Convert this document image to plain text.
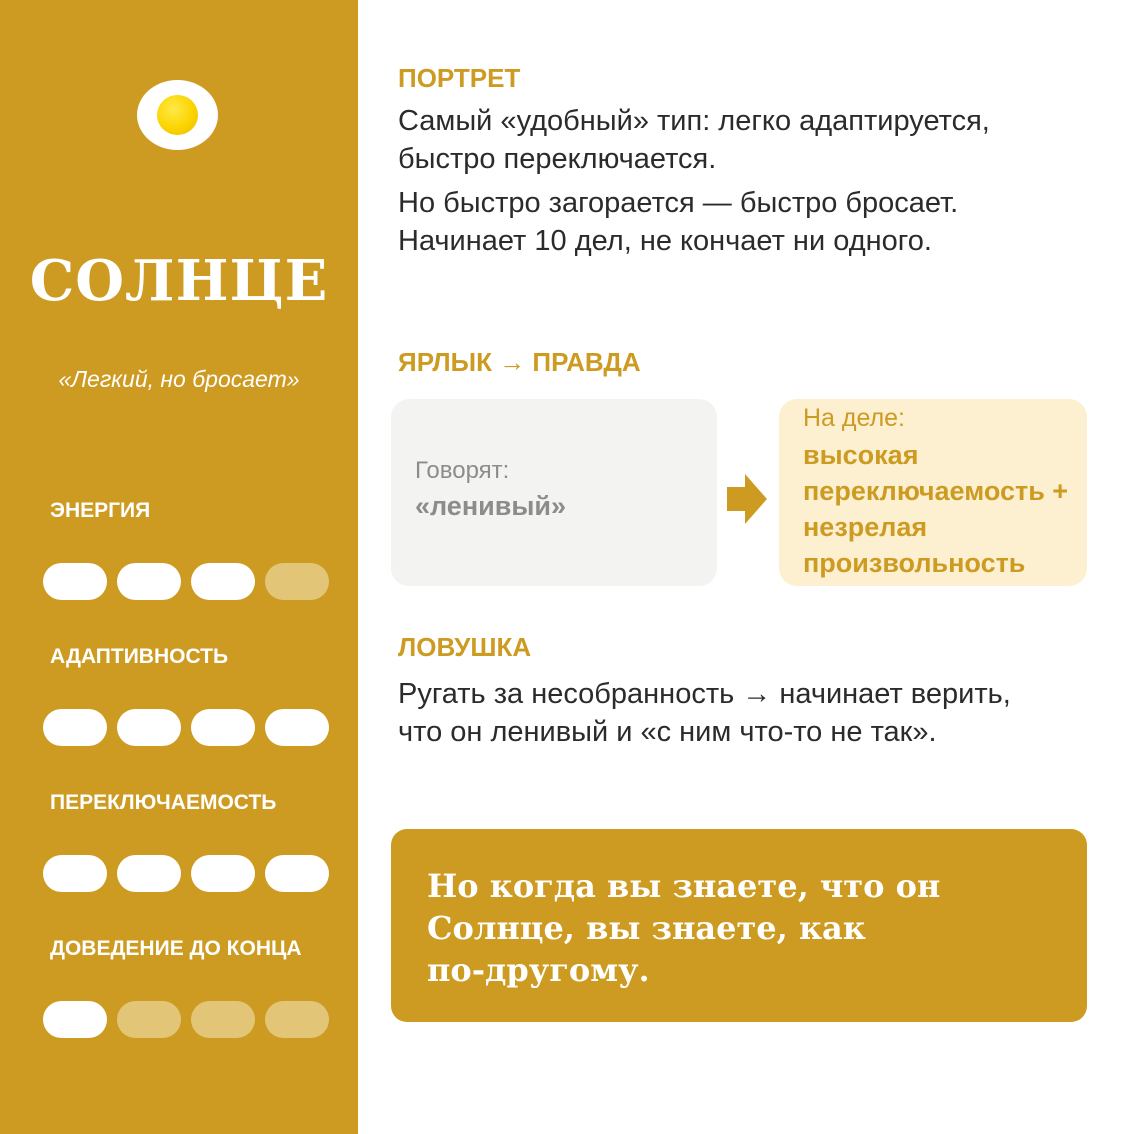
СОЛНЦЕ
«Легкий, но бросает»
ЭНЕРГИЯ
АДАПТИВНОСТЬ
ПЕРЕКЛЮЧАЕМОСТЬ
ДОВЕДЕНИЕ ДО КОНЦА
ПОРТРЕТ
Самый «удобный» тип: легко адаптируется,
быстро переключается.
Но быстро загорается — быстро бросает.
Начинает 10 дел, не кончает ни одного.
ЯРЛЫК → ПРАВДА
Говорят:
«ленивый»
На деле:
высокая
переключаемость +
незрелая
произвольность
ЛОВУШКА
Ругать за несобранность → начинает верить,
что он ленивый и «с ним что-то не так».
Но когда вы знаете, что он
Солнце, вы знаете, как
по-другому.
